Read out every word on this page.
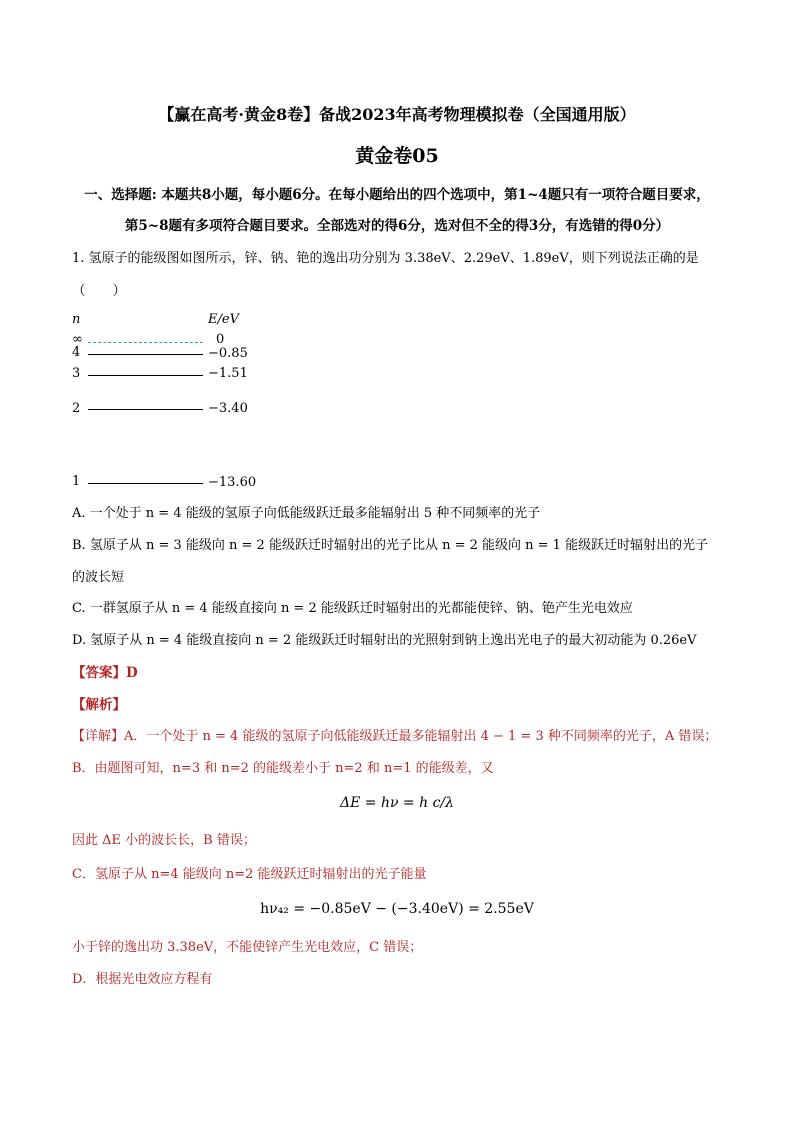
【赢在高考·黄金8卷】备战2023年高考物理模拟卷（全国通用版）
黄金卷05
一、选择题: 本题共8小题，每小题6分。在每小题给出的四个选项中，第1~4题只有一项符合题目要求，
第5~8题有多项符合题目要求。全部选对的得6分，选对但不全的得3分，有选错的得0分）
1. 氢原子的能级图如图所示，锌、钠、铯的逸出功分别为 3.38eV、2.29eV、1.89eV，则下列说法正确的是
（　　）
n	E/eV
∞	0
4	−0.85
3	−1.51
2	−3.40
1	−13.60
A. 一个处于 n = 4 能级的氢原子向低能级跃迁最多能辐射出 5 种不同频率的光子
B. 氢原子从 n = 3 能级向 n = 2 能级跃迁时辐射出的光子比从 n = 2 能级向 n = 1 能级跃迁时辐射出的光子
的波长短
C. 一群氢原子从 n = 4 能级直接向 n = 2 能级跃迁时辐射出的光都能使锌、钠、铯产生光电效应
D. 氢原子从 n = 4 能级直接向 n = 2 能级跃迁时辐射出的光照射到钠上逸出光电子的最大初动能为 0.26eV
【答案】D
【解析】
【详解】A．一个处于 n = 4 能级的氢原子向低能级跃迁最多能辐射出 4 − 1 = 3 种不同频率的光子，A 错误；
B．由题图可知，n=3 和 n=2 的能级差小于 n=2 和 n=1 的能级差，又
ΔE = hν = h c/λ
因此 ΔE 小的波长长，B 错误；
C．氢原子从 n=4 能级向 n=2 能级跃迁时辐射出的光子能量
hν₄₂ = −0.85eV − (−3.40eV) = 2.55eV
小于锌的逸出功 3.38eV，不能使锌产生光电效应，C 错误；
D．根据光电效应方程有
